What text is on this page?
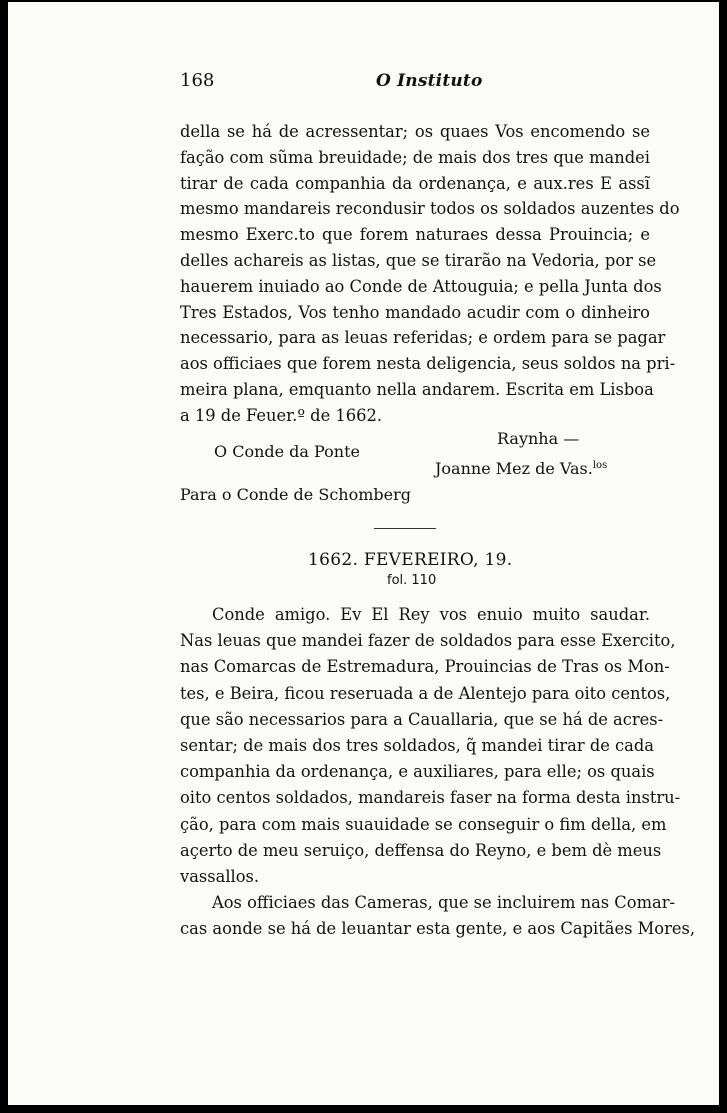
168	O Instituto
della se há de acressentar; os quaes Vos encomendo se
fação com sũma breuidade; de mais dos tres que mandei
tirar de cada companhia da ordenança, e aux.res E assĩ
mesmo mandareis recondusir todos os soldados auzentes do
mesmo Exerc.to que forem naturaes dessa Prouincia; e
delles achareis as listas, que se tirarão na Vedoria, por se
hauerem inuiado ao Conde de Attouguia; e pella Junta dos
Tres Estados, Vos tenho mandado acudir com o dinheiro
necessario, para as leuas referidas; e ordem para se pagar
aos officiaes que forem nesta deligencia, seus soldos na pri-
meira plana, emquanto nella andarem. Escrita em Lisboa
a 19 de Feuer.º de 1662.
Raynha —
O Conde da Ponte
Joanne Mez de Vas.$^{los}$
Para o Conde de Schomberg
1662. FEVEREIRO, 19.
fol. 110
Conde amigo. Ev El Rey vos enuio muito saudar.
Nas leuas que mandei fazer de soldados para esse Exercito,
nas Comarcas de Estremadura, Prouincias de Tras os Mon-
tes, e Beira, ficou reseruada a de Alentejo para oito centos,
que são necessarios para a Cauallaria, que se há de acres-
sentar; de mais dos tres soldados, q̃ mandei tirar de cada
companhia da ordenança, e auxiliares, para elle; os quais
oito centos soldados, mandareis faser na forma desta instru-
ção, para com mais suauidade se conseguir o fim della, em
açerto de meu seruiço, deffensa do Reyno, e bem dè meus
vassallos.
Aos officiaes das Cameras, que se incluirem nas Comar-
cas aonde se há de leuantar esta gente, e aos Capitães Mores,
